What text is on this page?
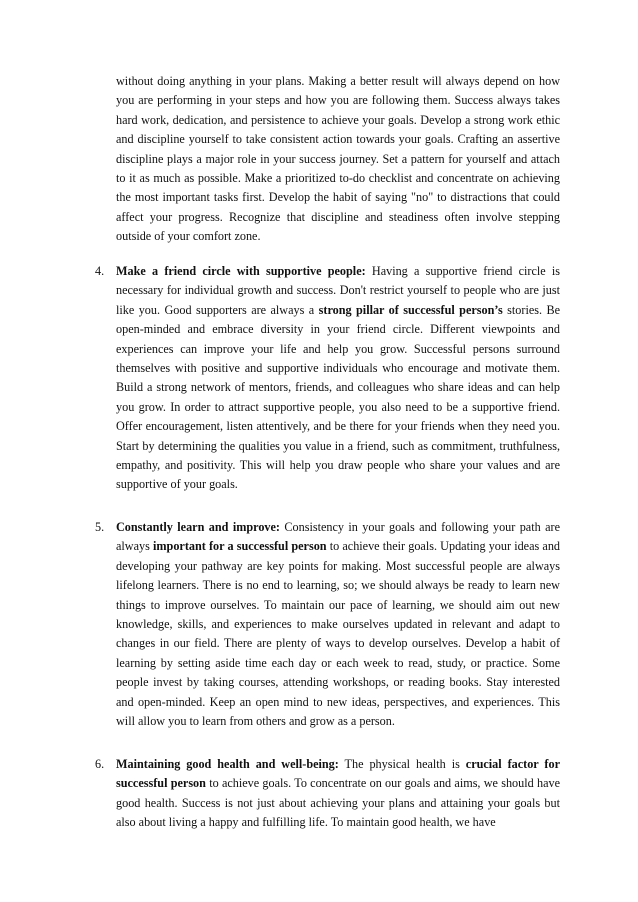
without doing anything in your plans. Making a better result will always depend on how you are performing in your steps and how you are following them. Success always takes hard work, dedication, and persistence to achieve your goals. Develop a strong work ethic and discipline yourself to take consistent action towards your goals. Crafting an assertive discipline plays a major role in your success journey. Set a pattern for yourself and attach to it as much as possible. Make a prioritized to-do checklist and concentrate on achieving the most important tasks first. Develop the habit of saying "no" to distractions that could affect your progress. Recognize that discipline and steadiness often involve stepping outside of your comfort zone.

4. Make a friend circle with supportive people: Having a supportive friend circle is necessary for individual growth and success. Don't restrict yourself to people who are just like you. Good supporters are always a strong pillar of successful person’s stories. Be open-minded and embrace diversity in your friend circle. Different viewpoints and experiences can improve your life and help you grow. Successful persons surround themselves with positive and supportive individuals who encourage and motivate them. Build a strong network of mentors, friends, and colleagues who share ideas and can help you grow. In order to attract supportive people, you also need to be a supportive friend. Offer encouragement, listen attentively, and be there for your friends when they need you. Start by determining the qualities you value in a friend, such as commitment, truthfulness, empathy, and positivity. This will help you draw people who share your values and are supportive of your goals.
5. Constantly learn and improve: Consistency in your goals and following your path are always important for a successful person to achieve their goals. Updating your ideas and developing your pathway are key points for making. Most successful people are always lifelong learners. There is no end to learning, so; we should always be ready to learn new things to improve ourselves. To maintain our pace of learning, we should aim out new knowledge, skills, and experiences to make ourselves updated in relevant and adapt to changes in our field. There are plenty of ways to develop ourselves. Develop a habit of learning by setting aside time each day or each week to read, study, or practice. Some people invest by taking courses, attending workshops, or reading books. Stay interested and open-minded. Keep an open mind to new ideas, perspectives, and experiences. This will allow you to learn from others and grow as a person.
6. Maintaining good health and well-being: The physical health is crucial factor for successful person to achieve goals. To concentrate on our goals and aims, we should have good health. Success is not just about achieving your plans and attaining your goals but also about living a happy and fulfilling life. To maintain good health, we have
